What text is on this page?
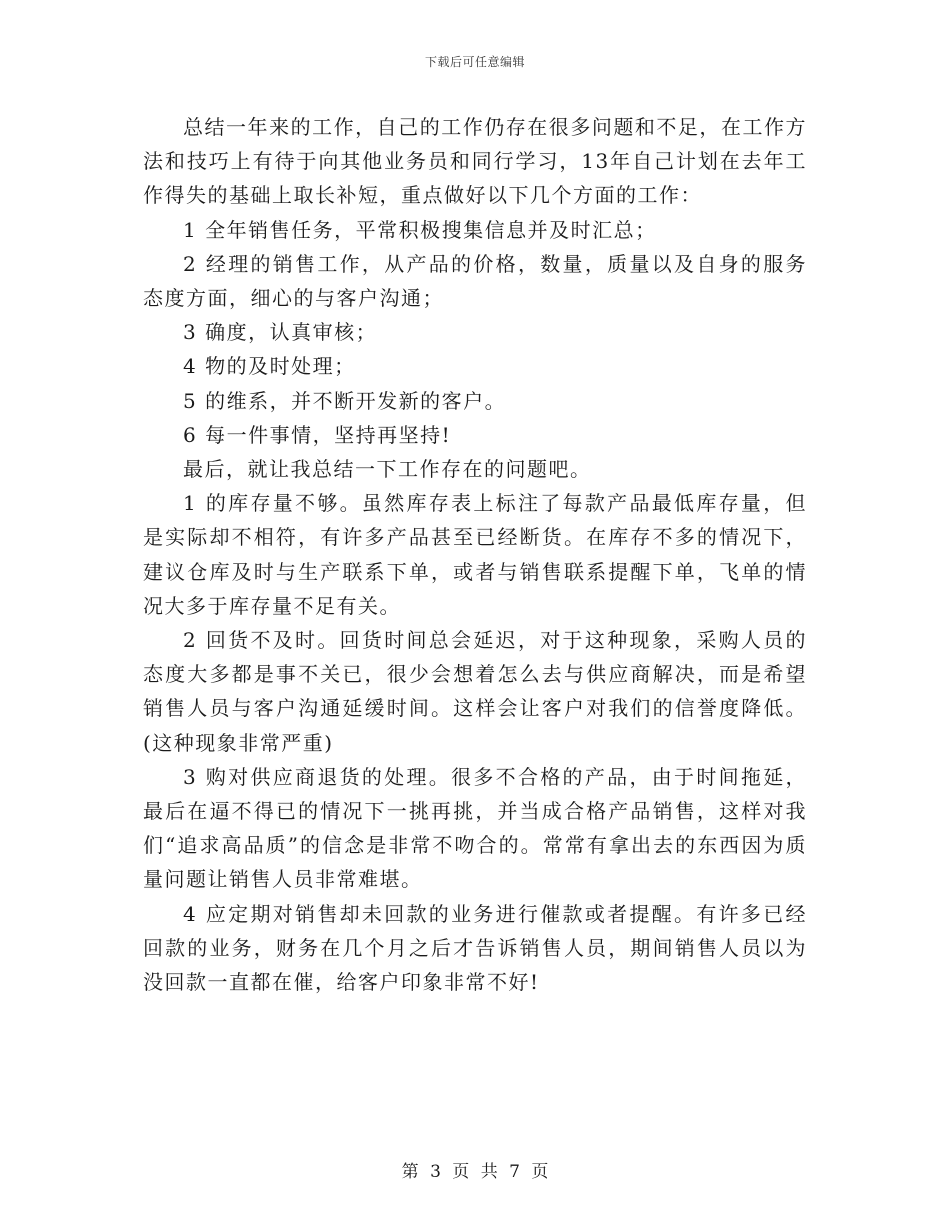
下载后可任意编辑

总结一年来的工作，自己的工作仍存在很多问题和不足，在工作方法和技巧上有待于向其他业务员和同行学习，13年自己计划在去年工作得失的基础上取长补短，重点做好以下几个方面的工作：

1 全年销售任务，平常积极搜集信息并及时汇总；

2 经理的销售工作，从产品的价格，数量，质量以及自身的服务态度方面，细心的与客户沟通；

3 确度，认真审核；

4 物的及时处理；

5 的维系，并不断开发新的客户。

6 每一件事情，坚持再坚持!

最后，就让我总结一下工作存在的问题吧。

1 的库存量不够。虽然库存表上标注了每款产品最低库存量，但是实际却不相符，有许多产品甚至已经断货。在库存不多的情况下，建议仓库及时与生产联系下单，或者与销售联系提醒下单，飞单的情况大多于库存量不足有关。

2 回货不及时。回货时间总会延迟，对于这种现象，采购人员的态度大多都是事不关已，很少会想着怎么去与供应商解决，而是希望销售人员与客户沟通延缓时间。这样会让客户对我们的信誉度降低。(这种现象非常严重)

3 购对供应商退货的处理。很多不合格的产品，由于时间拖延，最后在逼不得已的情况下一挑再挑，并当成合格产品销售，这样对我们“追求高品质”的信念是非常不吻合的。常常有拿出去的东西因为质量问题让销售人员非常难堪。

4 应定期对销售却未回款的业务进行催款或者提醒。有许多已经回款的业务，财务在几个月之后才告诉销售人员，期间销售人员以为没回款一直都在催，给客户印象非常不好!

第 3 页 共 7 页
